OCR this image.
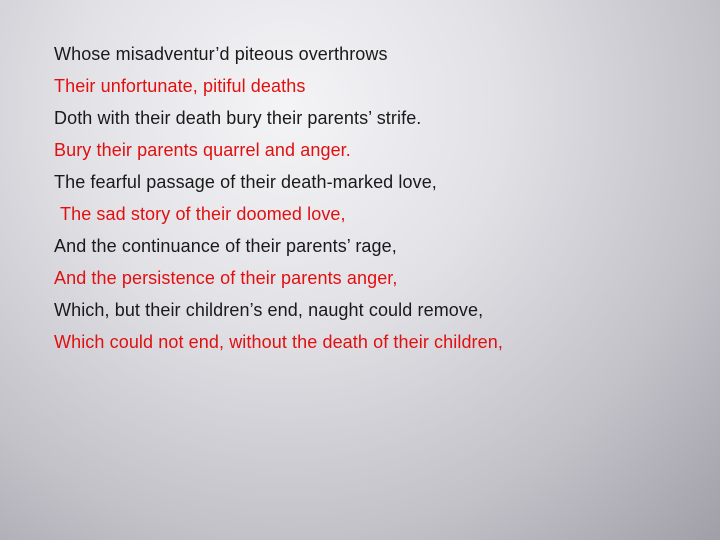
Whose misadventur’d piteous overthrows
Their unfortunate, pitiful deaths
Doth with their death bury their parents’ strife.
Bury their parents quarrel and anger.
The fearful passage of their death-marked love,
The sad story of their doomed love,
And the continuance of their parents’ rage,
And the persistence of their parents anger,
Which, but their children’s end, naught could remove,
Which could not end, without the death of their children,
